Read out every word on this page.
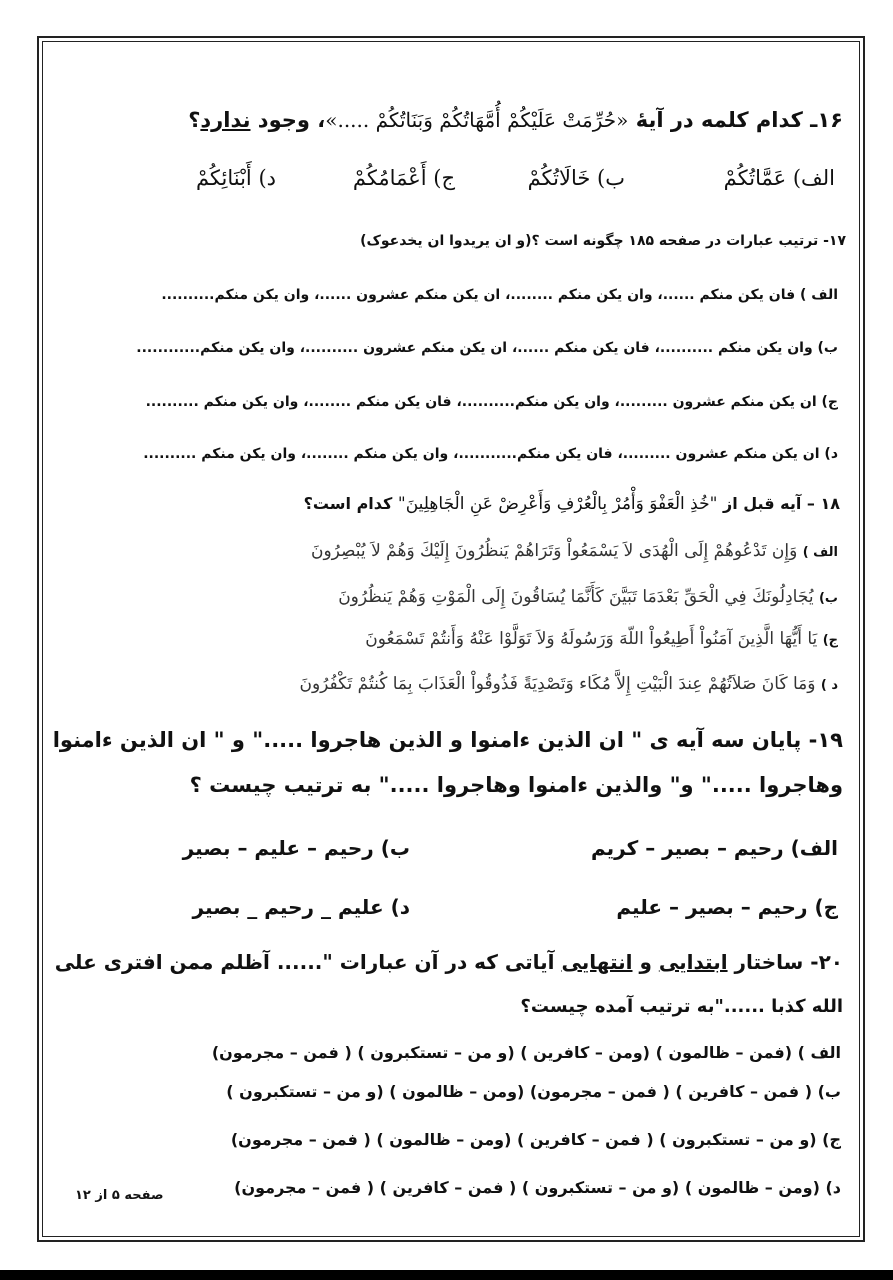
۱۶ـ کدام کلمه در آیهٔ «حُرِّمَتْ عَلَيْكُمْ أُمَّهَاتُكُمْ وَبَنَاتُكُمْ .....»، وجود ندارد؟
الف) عَمَّاتُكُمْ
ب) خَالَاتُكُمْ
ج) أَعْمَامُكُمْ
د) أَبْنَائِكُمْ
۱۷- ترتیب عبارات در صفحه ۱۸۵ چگونه است ؟(و ان یریدوا ان یخدعوک)
الف ) فان یکن منکم ......، وان یکن منکم ........، ان یکن منکم عشرون ......، وان یکن منکم..........
ب) وان یکن منکم ..........، فان یکن منکم ......، ان یکن منکم عشرون ..........، وان یکن منکم............
ج) ان یکن منکم عشرون .........، وان یکن منکم..........، فان یکن منکم ........، وان یکن منکم ..........
د) ان یکن منکم عشرون .........، فان یکن منکم...........، وان یکن منکم ........، وان یکن منکم ..........
۱۸ – آیه قبل از "خُذِ الْعَفْوَ وَأْمُرْ بِالْعُرْفِ وَأَعْرِضْ عَنِ الْجَاهِلِينَ" کدام است؟
الف ) وَإِن تَدْعُوهُمْ إِلَى الْهُدَى لاَ يَسْمَعُواْ وَتَرَاهُمْ يَنظُرُونَ إِلَيْكَ وَهُمْ لاَ يُبْصِرُونَ
ب) يُجَادِلُونَكَ فِي الْحَقِّ بَعْدَمَا تَبَيَّنَ كَأَنَّمَا يُسَاقُونَ إِلَى الْمَوْتِ وَهُمْ يَنظُرُونَ
ج) يَا أَيُّهَا الَّذِينَ آمَنُواْ أَطِيعُواْ اللّهَ وَرَسُولَهُ وَلاَ تَوَلَّوْا عَنْهُ وَأَنتُمْ تَسْمَعُونَ
د ) وَمَا كَانَ صَلاَتُهُمْ عِندَ الْبَيْتِ إِلاَّ مُكَاء وَتَصْدِيَةً فَذُوقُواْ الْعَذَابَ بِمَا كُنتُمْ تَكْفُرُونَ
۱۹- پایان سه آیه ی " ان الذین ءامنوا و الذین هاجروا ....." و " ان الذین ءامنوا
وهاجروا ....." و" والذین ءامنوا وهاجروا ....." به ترتیب چیست ؟
الف) رحیم – بصیر – کریم
ب) رحیم – علیم – بصیر
ج) رحیم – بصیر – علیم
د) علیم _ رحیم _ بصیر
۲۰- ساختار ابتدایی و انتهایی آیاتی که در آن عبارات "...... آظلم ممن افتری علی
الله کذبا ......"به ترتیب آمده چیست؟
الف ) (فمن – ظالمون ) (ومن – کافرین ) (و من – تستکبرون ) ( فمن – مجرمون)
ب) ( فمن – کافرین ) ( فمن – مجرمون) (ومن – ظالمون ) (و من – تستکبرون )
ج) (و من – تستکبرون ) ( فمن – کافرین ) (ومن – ظالمون ) ( فمن – مجرمون)
د) (ومن – ظالمون ) (و من – تستکبرون ) ( فمن – کافرین ) ( فمن – مجرمون)
صفحه ۵ از ۱۲
